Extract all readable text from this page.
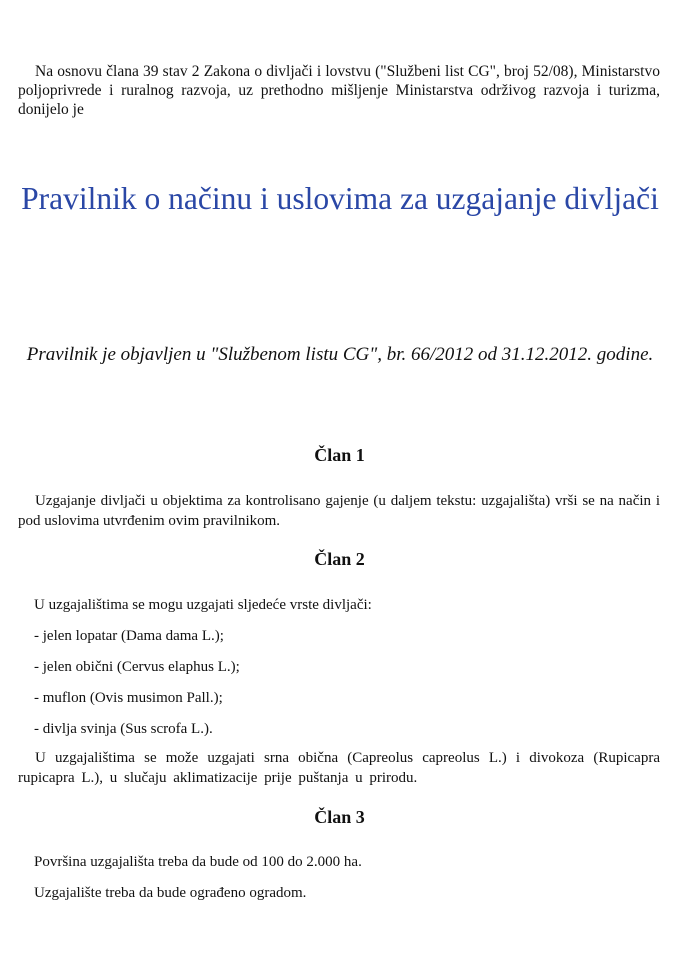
Na osnovu člana 39 stav 2 Zakona o divljači i lovstvu ("Službeni list CG", broj 52/08), Ministarstvo poljoprivrede i ruralnog razvoja, uz prethodno mišljenje Ministarstva održivog razvoja i turizma, donijelo je

Pravilnik o načinu i uslovima za uzgajanje divljači

Pravilnik je objavljen u "Službenom listu CG", br. 66/2012 od 31.12.2012. godine.

Član 1

Uzgajanje divljači u objektima za kontrolisano gajenje (u daljem tekstu: uzgajališta) vrši se na način i pod uslovima utvrđenim ovim pravilnikom.

Član 2

U uzgajalištima se mogu uzgajati sljedeće vrste divljači:

- jelen lopatar (Dama dama L.);

- jelen obični (Cervus elaphus L.);

- muflon (Ovis musimon Pall.);

- divlja svinja (Sus scrofa L.).

U uzgajalištima se može uzgajati srna obična (Capreolus capreolus L.) i divokoza (Rupicapra rupicapra L.), u slučaju aklimatizacije prije puštanja u prirodu.

Član 3

Površina uzgajališta treba da bude od 100 do 2.000 ha.

Uzgajalište treba da bude ograđeno ogradom.
